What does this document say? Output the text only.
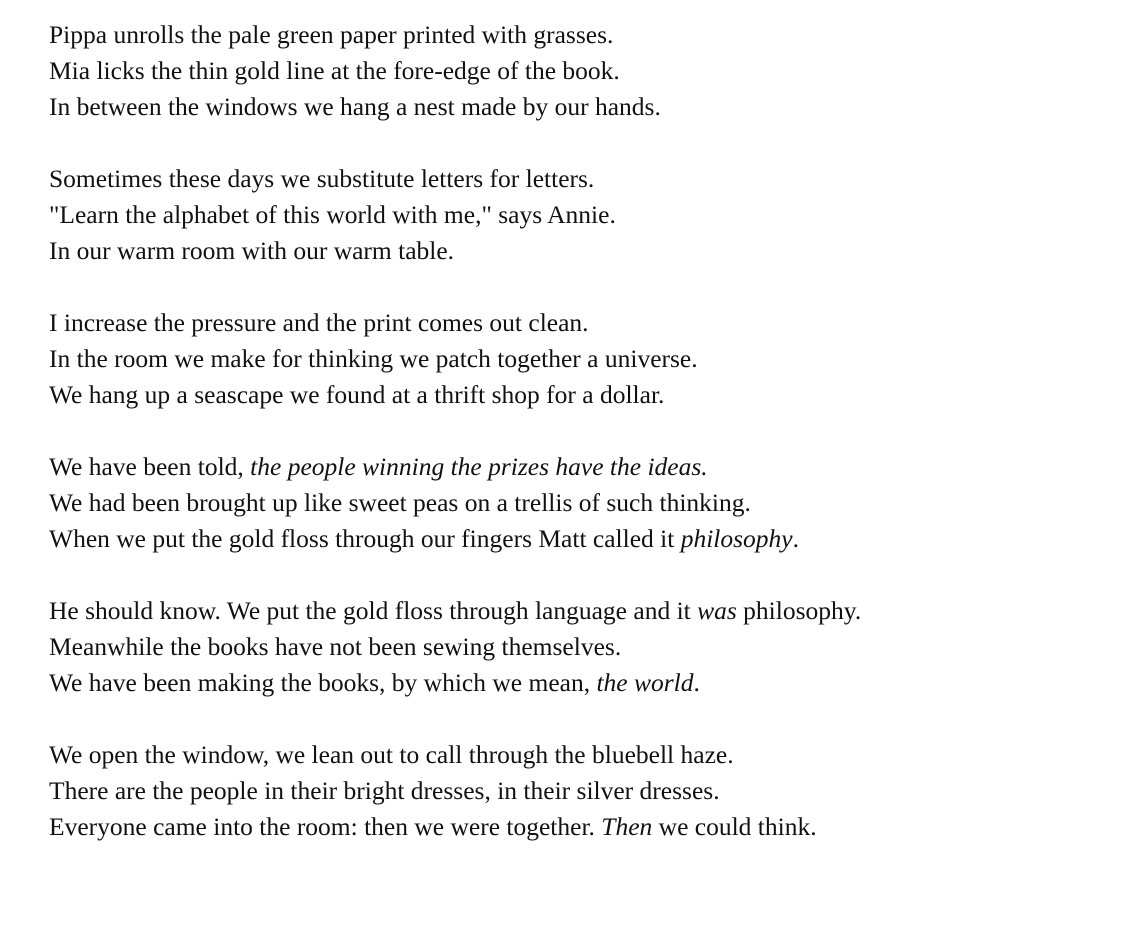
Pippa unrolls the pale green paper printed with grasses.
Mia licks the thin gold line at the fore-edge of the book.
In between the windows we hang a nest made by our hands.
Sometimes these days we substitute letters for letters.
"Learn the alphabet of this world with me," says Annie.
In our warm room with our warm table.
I increase the pressure and the print comes out clean.
In the room we make for thinking we patch together a universe.
We hang up a seascape we found at a thrift shop for a dollar.
We have been told, the people winning the prizes have the ideas.
We had been brought up like sweet peas on a trellis of such thinking.
When we put the gold floss through our fingers Matt called it philosophy.
He should know. We put the gold floss through language and it was philosophy.
Meanwhile the books have not been sewing themselves.
We have been making the books, by which we mean, the world.
We open the window, we lean out to call through the bluebell haze.
There are the people in their bright dresses, in their silver dresses.
Everyone came into the room: then we were together. Then we could think.
